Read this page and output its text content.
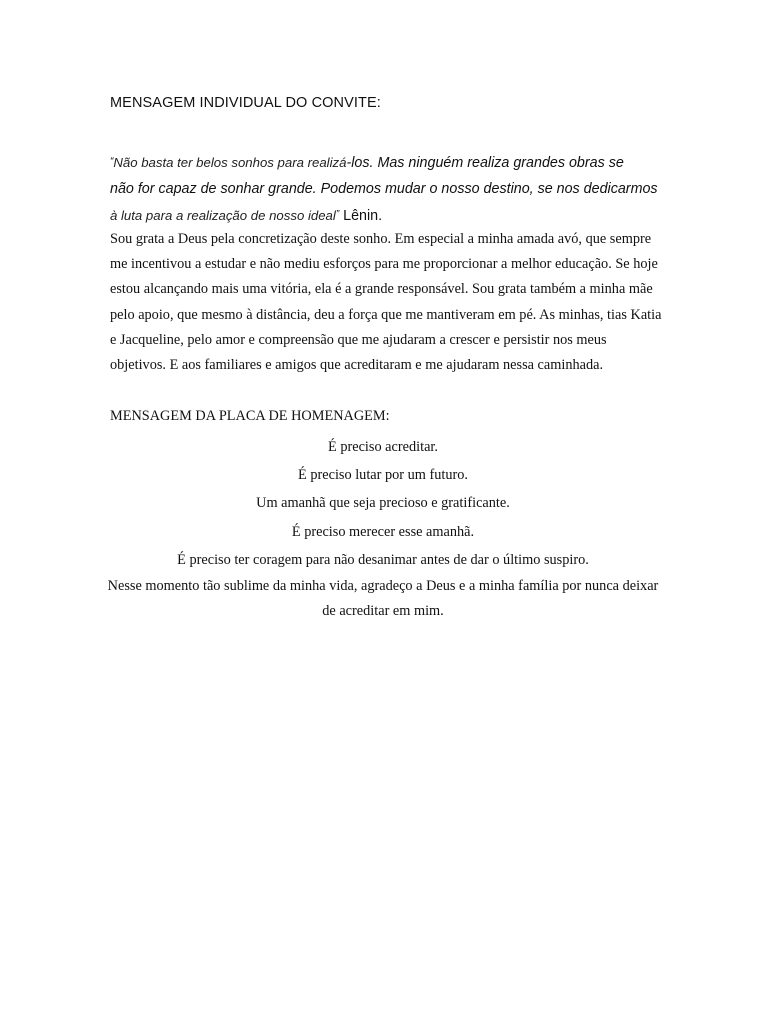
MENSAGEM INDIVIDUAL DO CONVITE:
“Não basta ter belos sonhos para realizá-los. Mas ninguém realiza grandes obras se
não for capaz de sonhar grande. Podemos mudar o nosso destino, se nos dedicarmos
à luta para a realização de nosso ideal” Lênin.
Sou grata a Deus pela concretização deste sonho. Em especial a minha amada avó, que sempre
me incentivou a estudar e não mediu esforços para me proporcionar a melhor educação. Se hoje
estou alcançando mais uma vitória, ela é a grande responsável. Sou grata também a minha mãe
pelo apoio, que mesmo à distância, deu a força que me mantiveram em pé. As minhas, tias Katia
e Jacqueline, pelo amor e compreensão que me ajudaram a crescer e persistir nos meus
objetivos. E aos familiares e amigos que acreditaram e me ajudaram nessa caminhada.
MENSAGEM DA PLACA DE HOMENAGEM:
É preciso acreditar.
É preciso lutar por um futuro.
Um amanhã que seja precioso e gratificante.
É preciso merecer esse amanhã.
É preciso ter coragem para não desanimar antes de dar o último suspiro.
Nesse momento tão sublime da minha vida, agradeço a Deus e a minha família por nunca deixar
de acreditar em mim.
